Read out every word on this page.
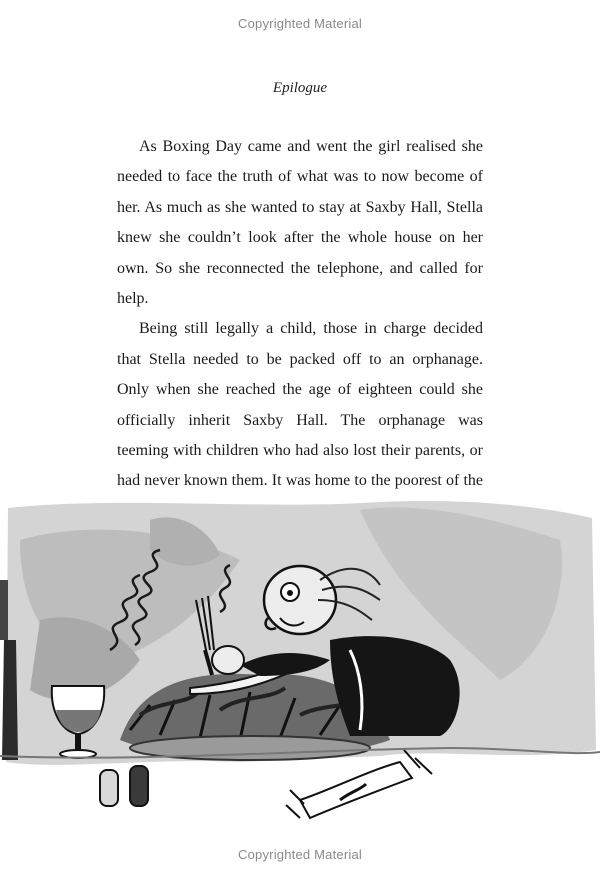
Copyrighted Material
Epilogue

As Boxing Day came and went the girl realised she needed to face the truth of what was to now become of her. As much as she wanted to stay at Saxby Hall, Stella knew she couldn’t look after the whole house on her own. So she reconnected the telephone, and called for help.

Being still legally a child, those in charge decided that Stella needed to be packed off to an orphanage. Only when she reached the age of eighteen could she officially inherit Saxby Hall. The orphanage was teeming with children who had also lost their parents, or had never known them. It was home to the poorest of the

Copyrighted Material
